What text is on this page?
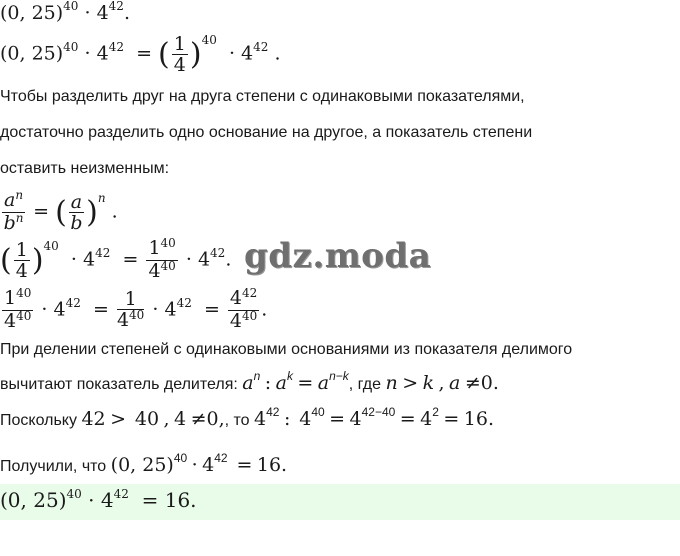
(0, $25)^{40} \cdot 4^{42}$.
(0, $25)^{40} \cdot 4^{42}$ = ( $\frac{1}{4} )^{40} \cdot 4^{42}$ .
Чтобы разделить друг на друга степени с одинаковыми показателями,
достаточно разделить одно основание на другое, а показатель степени
оставить неизменным:
$\frac{a^n}{b^n}$ = ( $\frac{a}{b} )^n$ .
( $\frac{1}{4} )^{40} \cdot 4^{42} = \frac{1^{40}}{4^{40}} \cdot 4^{42}$. gdz.moda
$\frac{1^{40}}{4^{40}} \cdot 4^{42} = \frac{1}{4^{40}} \cdot 4^{42} = \frac{4^{42}}{4^{40}}$ .
При делении степеней с одинаковыми основаниями из показателя делимого
вычитают показатель делителя: $a^n$ : $a^k = a^{n-k}$, где n > k , a ≠0.
Поскольку 42 > 40 , 4 ≠0,, то $4^{42}$ : $4^{40} = 4^{42-40} = 4^2 = 16$.
Получили, что (0, $25)^{40} \cdot 4^{42} = 16$.
(0, $25)^{40} \cdot 4^{42} = 16$.
